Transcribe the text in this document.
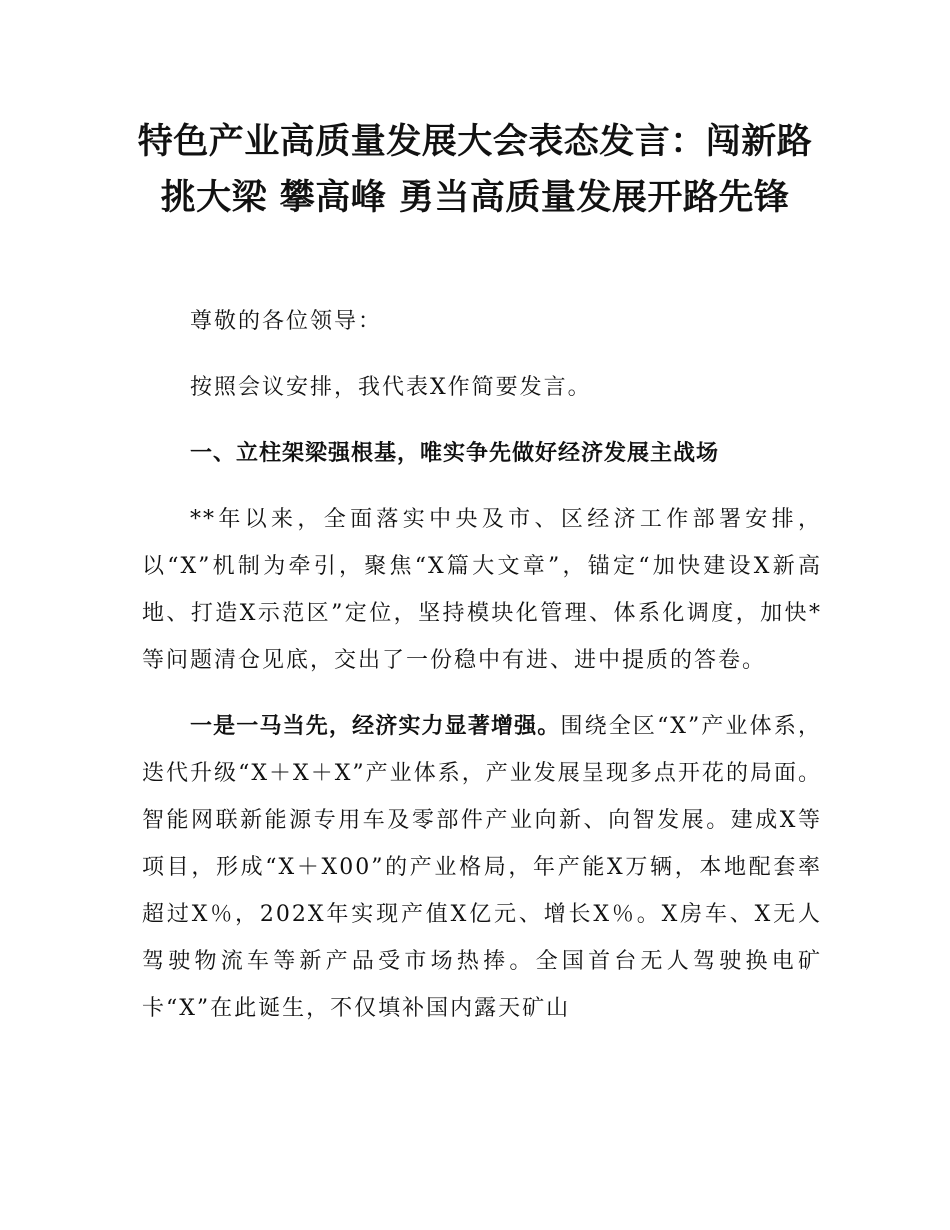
特色产业高质量发展大会表态发言：闯新路
挑大梁 攀高峰 勇当高质量发展开路先锋

尊敬的各位领导：

按照会议安排，我代表X作简要发言。

一、立柱架梁强根基，唯实争先做好经济发展主战场

**年以来，全面落实中央及市、区经济工作部署安排，以“X”机制为牵引，聚焦“X篇大文章”，锚定“加快建设X新高地、打造X示范区”定位，坚持模块化管理、体系化调度，加快*等问题清仓见底，交出了一份稳中有进、进中提质的答卷。

一是一马当先，经济实力显著增强。围绕全区“X”产业体系，迭代升级“X＋X＋X”产业体系，产业发展呈现多点开花的局面。智能网联新能源专用车及零部件产业向新、向智发展。建成X等项目，形成“X＋X00”的产业格局，年产能X万辆，本地配套率超过X％，202X年实现产值X亿元、增长X％。X房车、X无人驾驶物流车等新产品受市场热捧。全国首台无人驾驶换电矿卡“X”在此诞生，不仅填补国内露天矿山
